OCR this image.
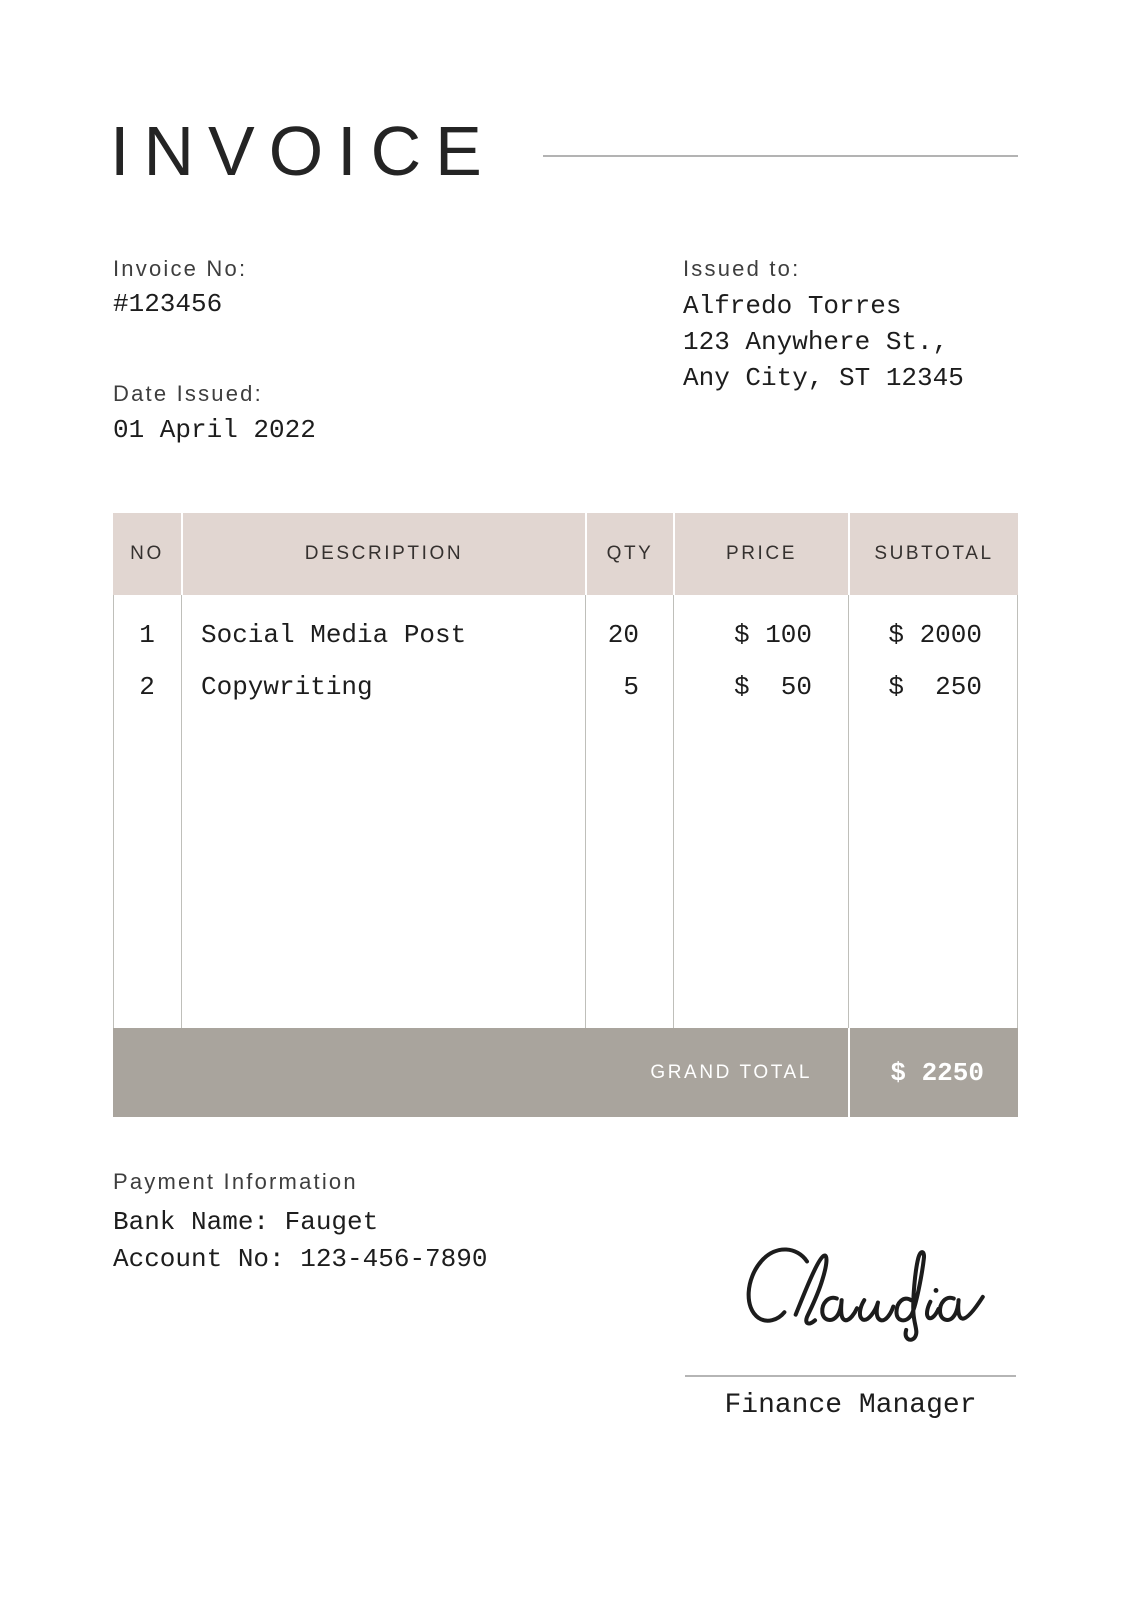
INVOICE
Invoice No:
#123456
Date Issued:
01 April 2022
Issued to:
Alfredo Torres
123 Anywhere St.,
Any City, ST 12345
NO	DESCRIPTION	QTY	PRICE	SUBTOTAL
1	Social Media Post	20	$ 100	$ 2000
2	Copywriting	5	$  50	$  250
GRAND TOTAL	$ 2250
Payment Information
Bank Name: Fauget
Account No: 123-456-7890
Finance Manager
